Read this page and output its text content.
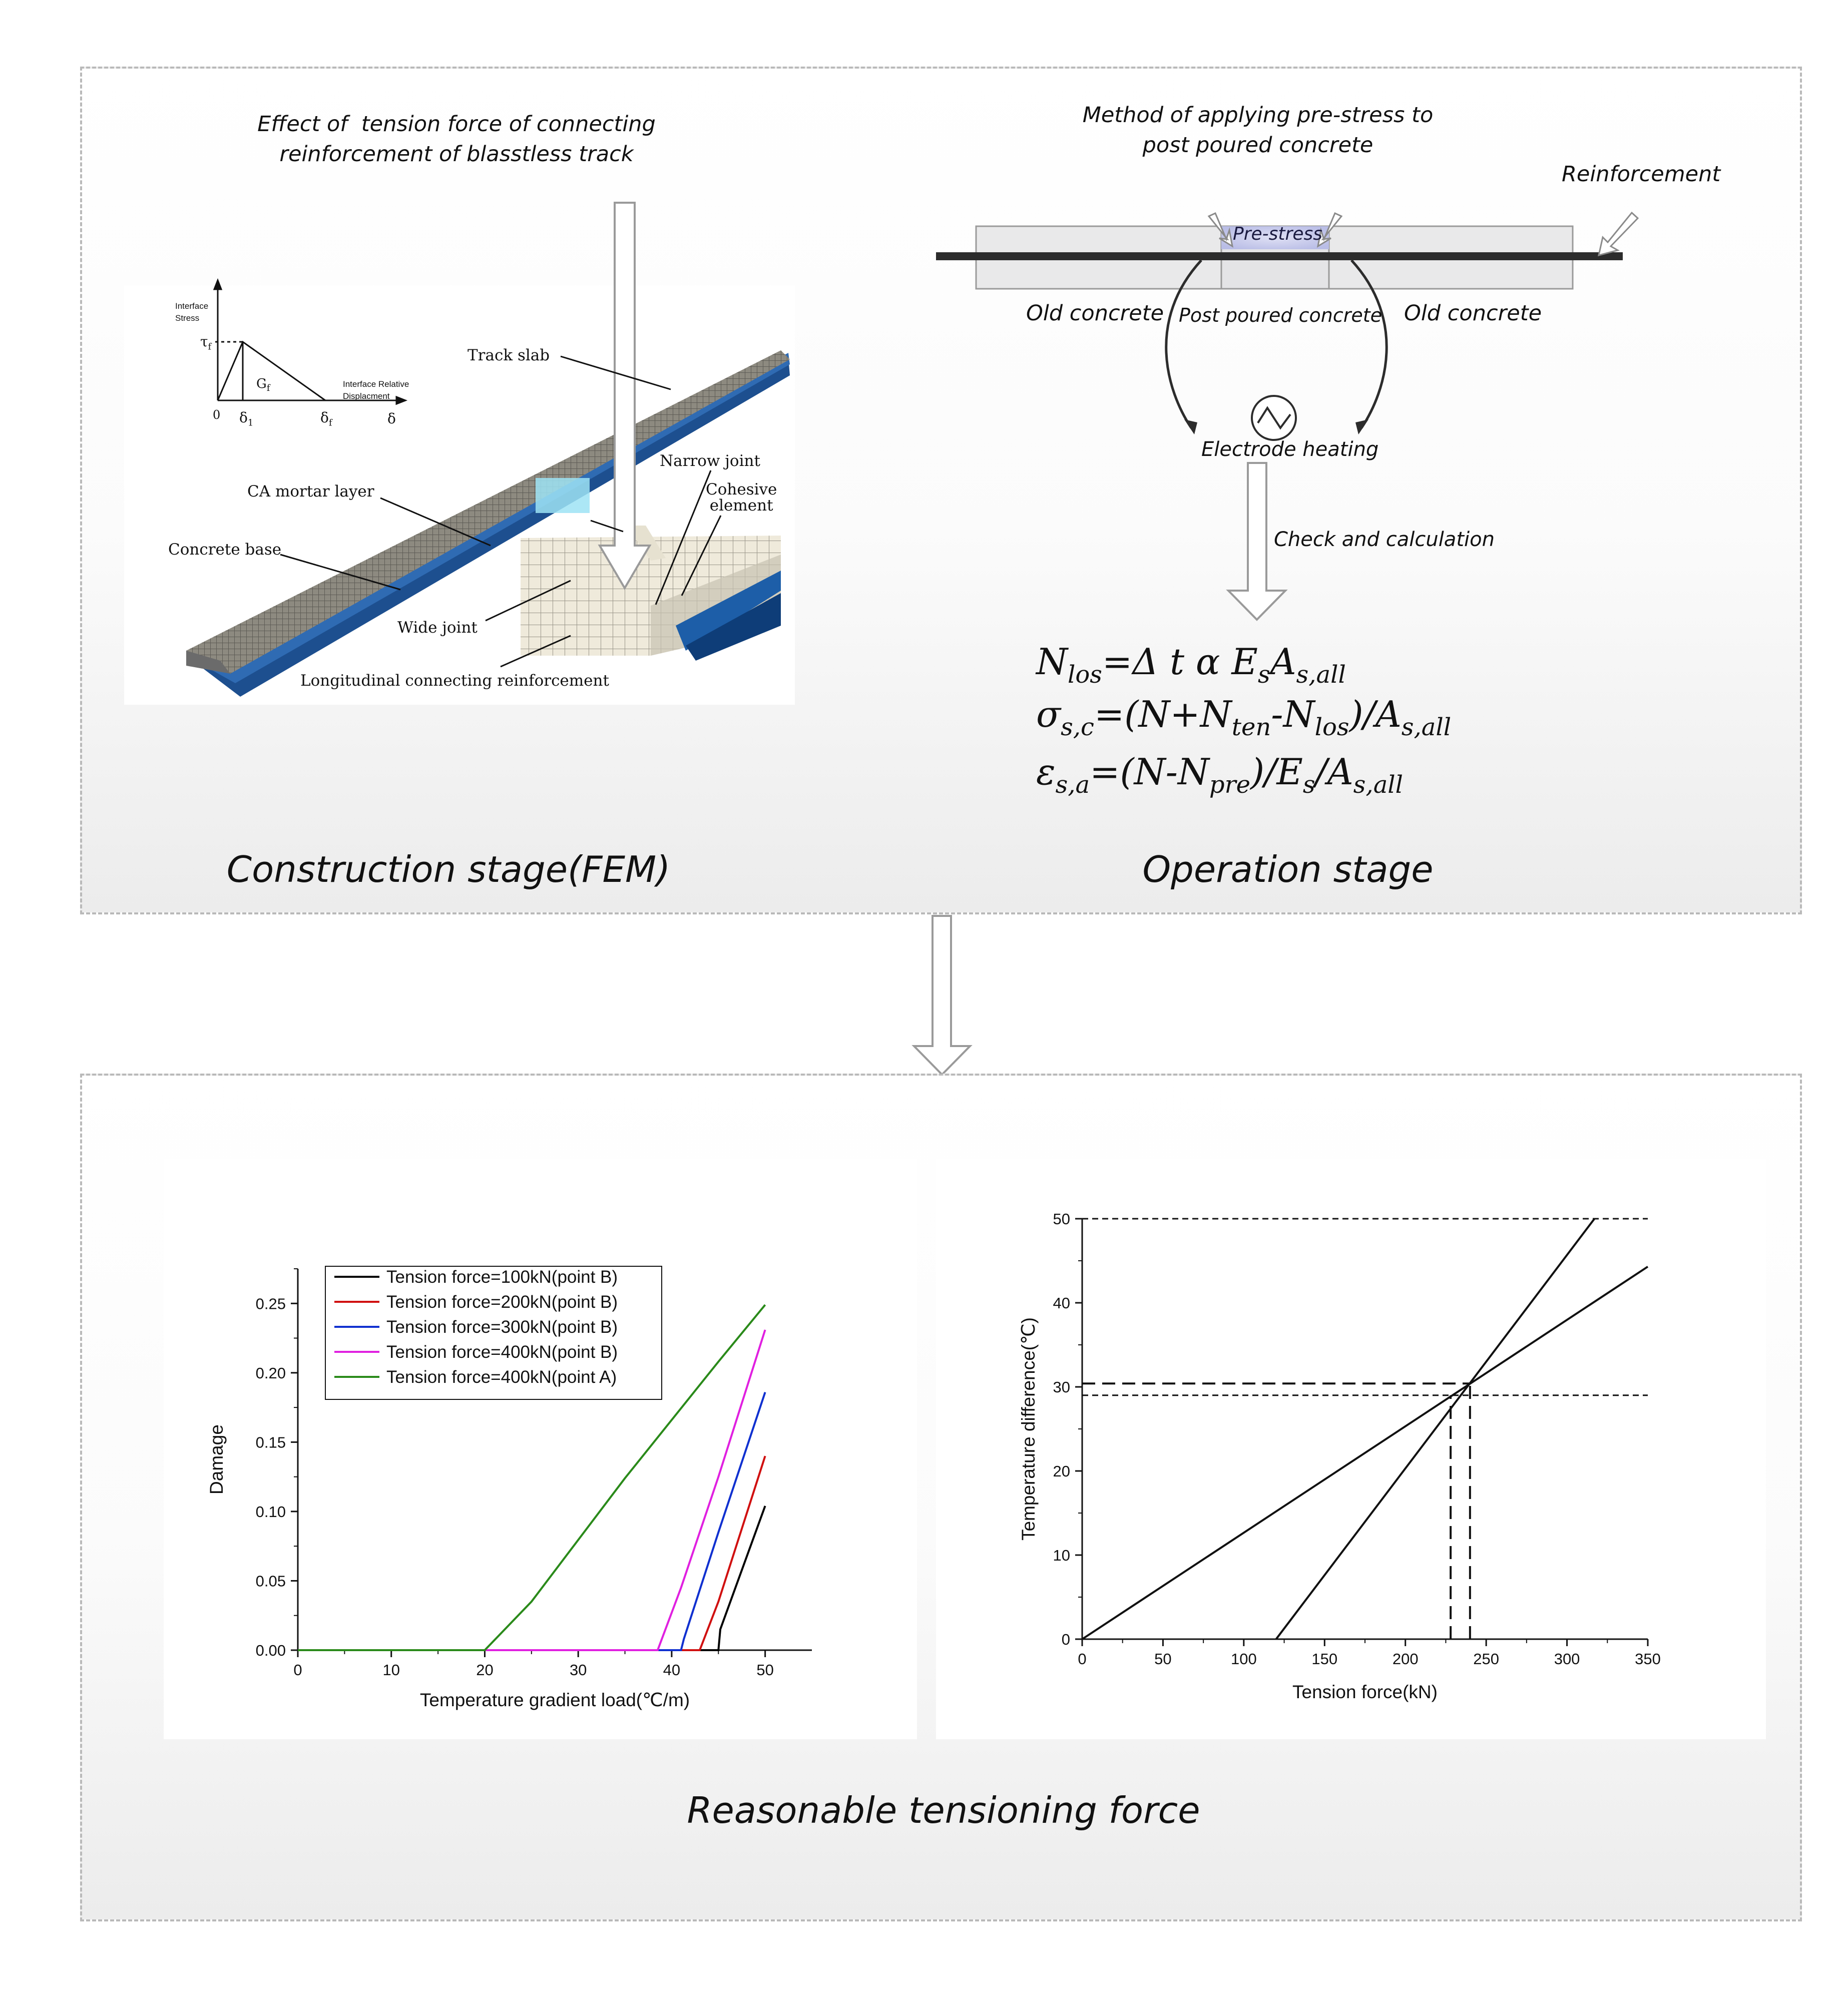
Effect of  tension force of connecting
reinforcement of blasstless track
Track slab
Narrow joint
Cohesive
element
CA mortar layer
Concrete base
Wide joint
Longitudinal connecting reinforcement
Interface
Stress
Interface Relative
Displacment
$\tau_f$
$G_f$
0 $\delta_1$	$\delta_f$	δ
Method of applying pre-stress to
post poured concrete
Reinforcement
Pre-stress
Old concrete Post poured concrete Old concrete
Electrode heating
Check and calculation
$N_{los}=\Delta$ t α $E_sA_{s,all}$
$\sigma_{s,c}=(N+N_{ten}-N_{los})/A_{s,all}$
$\varepsilon_{s,a}=(N-N_{pre})/E_s/A_{s,all}$
Construction stage(FEM)	Operation stage
0	10	20	30	40	50
0.00
0.05
0.10
0.15
0.20
0.25
Temperature gradient load(℃/m)
Damage
Tension force=100kN(point B)
Tension force=200kN(point B)
Tension force=300kN(point B)
Tension force=400kN(point B)
Tension force=400kN(point A)
0	50	100	150	200	250	300	350
0
10
20
30
40
50
Tension force(kN)
Temperature difference(℃)
Reasonable tensioning force
